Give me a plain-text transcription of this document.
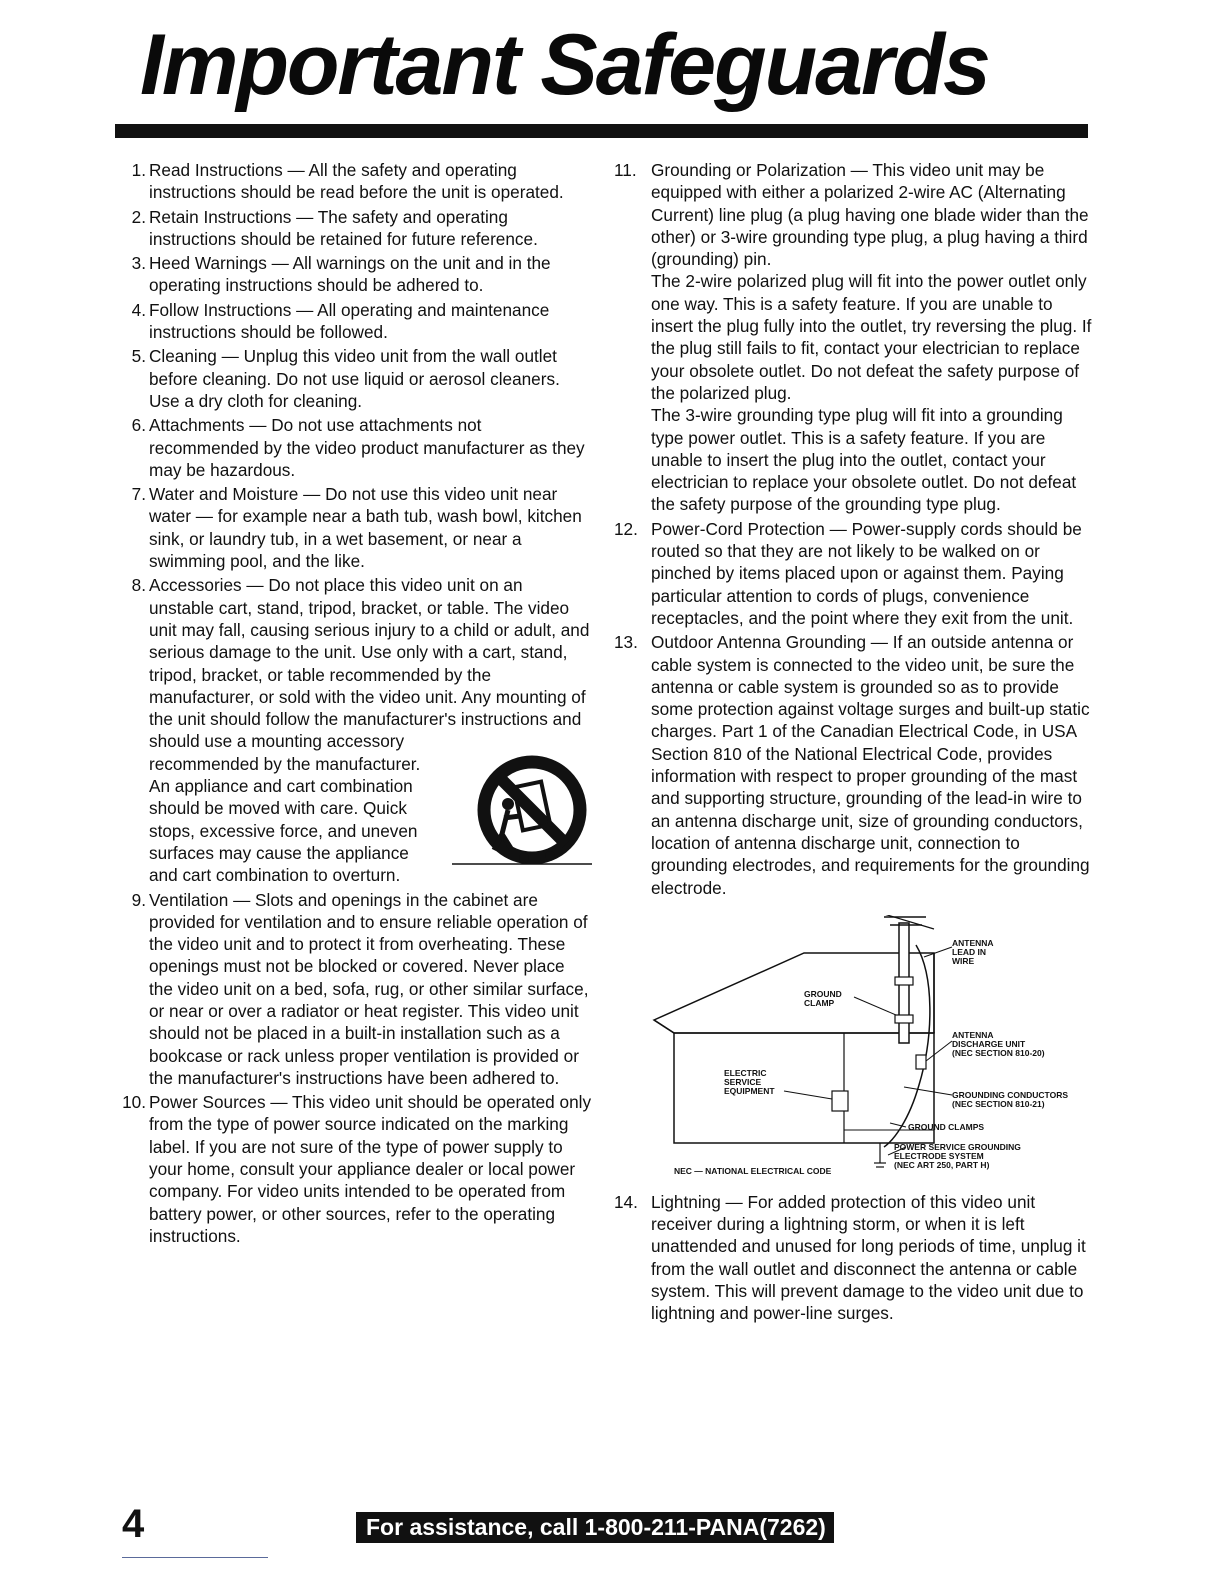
Important Safeguards
1. Read Instructions — All the safety and operating instructions should be read before the unit is operated.

2. Retain Instructions — The safety and operating instructions should be retained for future reference.

3. Heed Warnings — All warnings on the unit and in the operating instructions should be adhered to.

4. Follow Instructions — All operating and maintenance instructions should be followed.

5. Cleaning — Unplug this video unit from the wall outlet before cleaning. Do not use liquid or aerosol cleaners. Use a dry cloth for cleaning.

6. Attachments — Do not use attachments not recommended by the video product manufacturer as they may be hazardous.

7. Water and Moisture — Do not use this video unit near water — for example near a bath tub, wash bowl, kitchen sink, or laundry tub, in a wet basement, or near a swimming pool, and the like.

8. Accessories — Do not place this video unit on an unstable cart, stand, tripod, bracket, or table. The video unit may fall, causing serious injury to a child or adult, and serious damage to the unit. Use only with a cart, stand, tripod, bracket, or table recommended by the manufacturer, or sold with the video unit. Any mounting of the unit should follow the manufacturer's instructions and should use a mounting accessory recommended by the manufacturer. An appliance and cart combination should be moved with care. Quick stops, excessive force, and uneven surfaces may cause the appliance and cart combination to overturn.

9. Ventilation — Slots and openings in the cabinet are provided for ventilation and to ensure reliable operation of the video unit and to protect it from overheating. These openings must not be blocked or covered. Never place the video unit on a bed, sofa, rug, or other similar surface, or near or over a radiator or heat register. This video unit should not be placed in a built-in installation such as a bookcase or rack unless proper ventilation is provided or the manufacturer's instructions have been adhered to.

10. Power Sources — This video unit should be operated only from the type of power source indicated on the marking label. If you are not sure of the type of power supply to your home, consult your appliance dealer or local power company. For video units intended to be operated from battery power, or other sources, refer to the operating instructions.

11. Grounding or Polarization — This video unit may be equipped with either a polarized 2-wire AC (Alternating Current) line plug (a plug having one blade wider than the other) or 3-wire grounding type plug, a plug having a third (grounding) pin.

The 2-wire polarized plug will fit into the power outlet only one way. This is a safety feature. If you are unable to insert the plug fully into the outlet, try reversing the plug. If the plug still fails to fit, contact your electrician to replace your obsolete outlet. Do not defeat the safety purpose of the polarized plug.

The 3-wire grounding type plug will fit into a grounding type power outlet. This is a safety feature. If you are unable to insert the plug into the outlet, contact your electrician to replace your obsolete outlet. Do not defeat the safety purpose of the grounding type plug.

12. Power-Cord Protection — Power-supply cords should be routed so that they are not likely to be walked on or pinched by items placed upon or against them. Paying particular attention to cords of plugs, convenience receptacles, and the point where they exit from the unit.

13. Outdoor Antenna Grounding — If an outside antenna or cable system is connected to the video unit, be sure the antenna or cable system is grounded so as to provide some protection against voltage surges and built-up static charges. Part 1 of the Canadian Electrical Code, in USA Section 810 of the National Electrical Code, provides information with respect to proper grounding of the mast and supporting structure, grounding of the lead-in wire to an antenna discharge unit, size of grounding conductors, location of antenna discharge unit, connection to grounding electrodes, and requirements for the grounding electrode.

ANTENNA
LEAD IN
WIRE
GROUND
CLAMP
ANTENNA
DISCHARGE UNIT
(NEC SECTION 810-20)
ELECTRIC
SERVICE
EQUIPMENT	GROUNDING CONDUCTORS
(NEC SECTION 810-21)
GROUND CLAMPS
POWER SERVICE GROUNDING
ELECTRODE SYSTEM
(NEC ART 250, PART H)
NEC — NATIONAL ELECTRICAL CODE
14. Lightning — For added protection of this video unit receiver during a lightning storm, or when it is left unattended and unused for long periods of time, unplug it from the wall outlet and disconnect the antenna or cable system. This will prevent damage to the video unit due to lightning and power-line surges.

4	For assistance, call 1-800-211-PANA(7262)
